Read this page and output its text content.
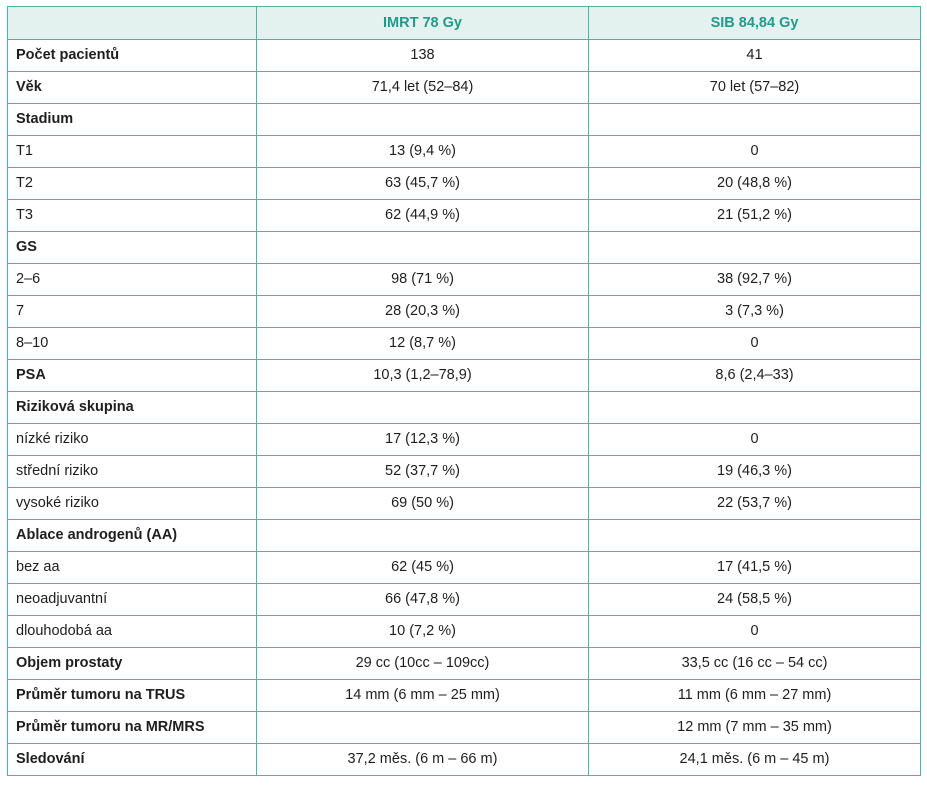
	IMRT 78 Gy	SIB 84,84 Gy
Počet pacientů	138	41
Věk	71,4 let (52–84)	70 let (57–82)
Stadium		
T1	13 (9,4 %)	0
T2	63 (45,7 %)	20 (48,8 %)
T3	62 (44,9 %)	21 (51,2 %)
GS		
2–6	98 (71 %)	38 (92,7 %)
7	28 (20,3 %)	3 (7,3 %)
8–10	12 (8,7 %)	0
PSA	10,3 (1,2–78,9)	8,6 (2,4–33)
Riziková skupina		
nízké riziko	17 (12,3 %)	0
střední riziko	52 (37,7 %)	19 (46,3 %)
vysoké riziko	69 (50 %)	22 (53,7 %)
Ablace androgenů (AA)		
bez aa	62 (45 %)	17 (41,5 %)
neoadjuvantní	66 (47,8 %)	24 (58,5 %)
dlouhodobá aa	10 (7,2 %)	0
Objem prostaty	29 cc (10cc – 109cc)	33,5 cc (16 cc – 54 cc)
Průměr tumoru na TRUS	14 mm (6 mm – 25 mm)	11 mm (6 mm – 27 mm)
Průměr tumoru na MR/MRS		12 mm (7 mm – 35 mm)
Sledování	37,2 měs. (6 m – 66 m)	24,1 měs. (6 m – 45 m)
